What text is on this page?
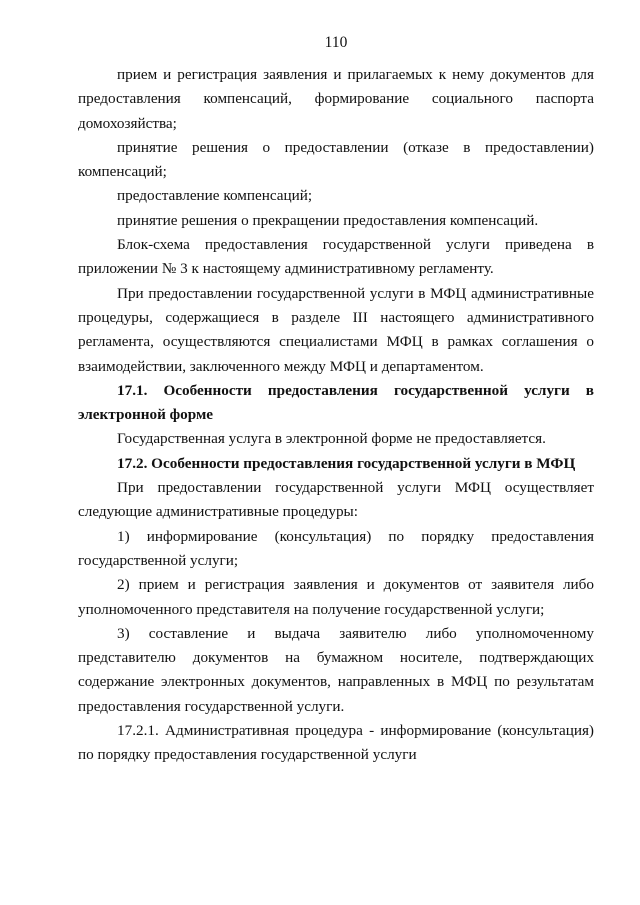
110

прием и регистрация заявления и прилагаемых к нему документов для предоставления компенсаций, формирование социального паспорта домохозяйства;

принятие решения о предоставлении (отказе в предоставлении) компенсаций;

предоставление компенсаций;

принятие решения о прекращении предоставления компенсаций.

Блок-схема предоставления государственной услуги приведена в приложении № 3 к настоящему административному регламенту.

При предоставлении государственной услуги в МФЦ административные процедуры, содержащиеся в разделе III настоящего административного регламента, осуществляются специалистами МФЦ в рамках соглашения о взаимодействии, заключенного между МФЦ и департаментом.

17.1. Особенности предоставления государственной услуги в электронной форме

Государственная услуга в электронной форме не предоставляется.

17.2. Особенности предоставления государственной услуги в МФЦ

При предоставлении государственной услуги МФЦ осуществляет следующие административные процедуры:

1) информирование (консультация) по порядку предоставления государственной услуги;

2) прием и регистрация заявления и документов от заявителя либо уполномоченного представителя на получение государственной услуги;

3) составление и выдача заявителю либо уполномоченному представителю документов на бумажном носителе, подтверждающих содержание электронных документов, направленных в МФЦ по результатам предоставления государственной услуги.

17.2.1. Административная процедура - информирование (консультация) по порядку предоставления государственной услуги
